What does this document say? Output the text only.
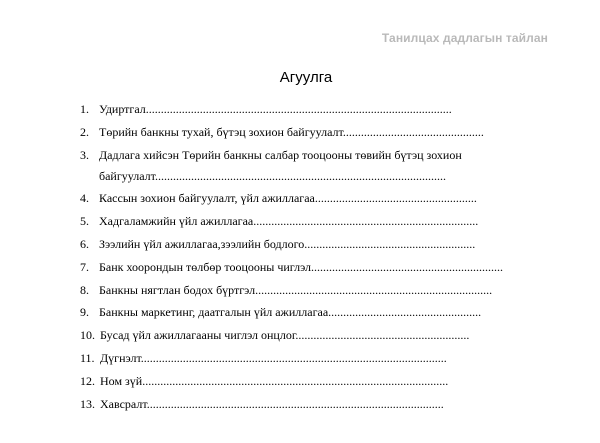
Танилцах дадлагын тайлан
Агуулга
1. Удиртгал......................................................................................................
2. Төрийн банкны тухай, бүтэц зохион байгуулалт...............................................
3. Дадлага хийсэн Төрийн банкны салбар тооцооны төвийн бүтэц зохион
байгуулалт.................................................................................................
4. Кассын зохион байгуулалт, үйл ажиллагаа......................................................
5. Хадгаламжийн үйл ажиллагаа...........................................................................
6. Зээлийн үйл ажиллагаа,зээлийн бодлого.........................................................
7. Банк хоорондын төлбөр тооцооны чиглэл................................................................
8. Банкны нягтлан бодох бүртгэл...............................................................................
9. Банкны маркетинг, даатгалын үйл ажиллагаа...................................................
10. Бусад үйл ажиллагааны чиглэл онцлог..........................................................
11. Дүгнэлт......................................................................................................
12. Ном зүй......................................................................................................
13. Хавсралт...................................................................................................
